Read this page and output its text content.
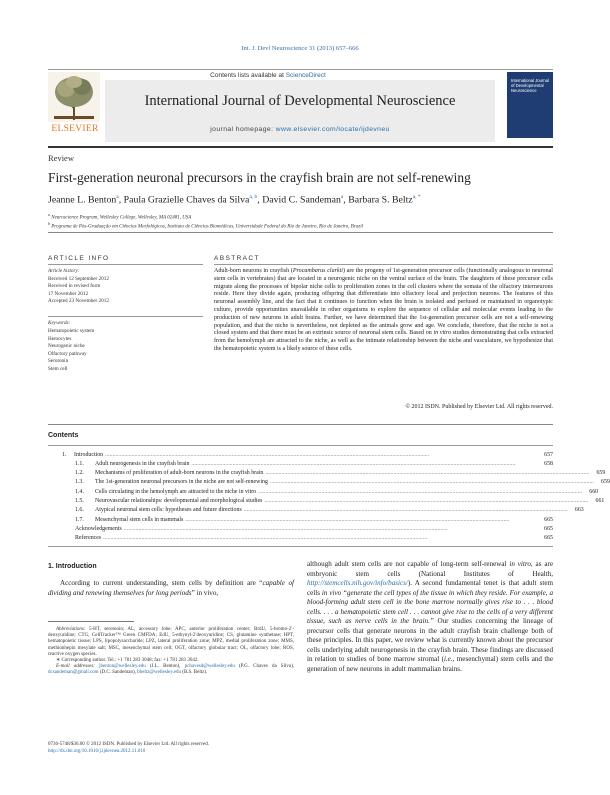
Int. J. Devl Neuroscience 31 (2013) 657–666
Contents lists available at ScienceDirect
International Journal of Developmental Neuroscience
journal homepage: www.elsevier.com/locate/ijdevneu
ELSEVIER
International Journal of Developmental Neuroscience
Review
First-generation neuronal precursors in the crayfish brain are not self-renewing
Jeanne L. Benton$^a$, Paula Grazielle Chaves da Silva$^{a, b}$, David C. Sandeman$^a$, Barbara S. Beltz$^{a, *}$
$^a$ Neuroscience Program, Wellesley College, Wellesley, MA 02481, USA
$^b$ Programa de Pós-Graduação em Ciências Morfológicas, Instituto de Ciências Biomédicas, Universidade Federal do Rio de Janeiro, Rio de Janeiro, Brazil
ARTICLE INFO
Article history:
Received 12 September 2012
Received in revised form
17 November 2012
Accepted 23 November 2012
Keywords:
Hematopoietic system
Hemocytes
Neurogenic niche
Olfactory pathway
Serotonin
Stem cell
ABSTRACT
Adult-born neurons in crayfish (Procambarus clarkii) are the progeny of 1st-generation precursor cells (functionally analogous to neuronal stem cells in vertebrates) that are located in a neurogenic niche on the ventral surface of the brain. The daughters of these precursor cells migrate along the processes of bipolar niche cells to proliferation zones in the cell clusters where the somata of the olfactory interneurons reside. Here they divide again, producing offspring that differentiate into olfactory local and projection neurons. The features of this neuronal assembly line, and the fact that it continues to function when the brain is isolated and perfused or maintained in organotypic culture, provide opportunities unavailable in other organisms to explore the sequence of cellular and molecular events leading to the production of new neurons in adult brains. Further, we have determined that the 1st-generation precursor cells are not a self-renewing population, and that the niche is nevertheless, not depleted as the animals grow and age. We conclude, therefore, that the niche is not a closed system and that there must be an extrinsic source of neuronal stem cells. Based on in vitro studies demonstrating that cells extracted from the hemolymph are attracted to the niche, as well as the intimate relationship between the niche and vasculature, we hypothesize that the hematopoietic system is a likely source of these cells.
© 2012 ISDN. Published by Elsevier Ltd. All rights reserved.
Contents
1.	Introduction ............................................................................................................................................................................................................................	657
1.1.	Adult neurogenesis in the crayfish brain ............................................................................................................................................................................................................................	658
1.2.	Mechanisms of proliferation of adult-born neurons in the crayfish brain ............................................................................................................................................................................................................................	659
1.3.	The 1st-generation neuronal precursors in the niche are not self-renewing ............................................................................................................................................................................................................................	659
1.4.	Cells circulating in the hemolymph are attracted to the niche in vitro ............................................................................................................................................................................................................................	660
1.5.	Neurovascular relationships: developmental and morphological studies ............................................................................................................................................................................................................................	661
1.6.	Atypical neuronal stem cells: hypotheses and future directions ............................................................................................................................................................................................................................	663
1.7.	Mesenchymal stem cells in mammals ............................................................................................................................................................................................................................	665
Acknowledgements ............................................................................................................................................................................................................................	665
References ............................................................................................................................................................................................................................	665
1. Introduction
According to current understanding, stem cells by definition are “capable of dividing and renewing themselves for long periods” in vivo,
although adult stem cells are not capable of long-term self-renewal in vitro, as are embryonic stem cells (National Institutes of Health, http://stemcells.nih.gov/info/basics/). A second fundamental tenet is that adult stem cells in vivo “generate the cell types of the tissue in which they reside. For example, a blood-forming adult stem cell in the bone marrow normally gives rise to . . . blood cells. . . . a hematopoietic stem cell . . . cannot give rise to the cells of a very different tissue, such as nerve cells in the brain.” Our studies concerning the lineage of precursor cells that generate neurons in the adult crayfish brain challenge both of these principles. In this paper, we review what is currently known about the precursor cells underlying adult neurogenesis in the crayfish brain. These findings are discussed in relation to studies of bone marrow stromal (i.e., mesenchymal) stem cells and the generation of new neurons in adult mammalian brains.
Abbreviations: 5-HT, serotonin; AL, accessory lobe; APC, anterior proliferation center; BrdU, 5-bromo-2′-deoxyuridine; CTG, CellTracker™ Green CMFDA; EdU, 5-ethynyl-2′deoxyuridine; CS, glutamine synthetase; HPT, hematopoietic tissue; LPS, lipopolysaccharide; LPZ, lateral proliferation zone; MPZ, medial proliferation zone; MMS, methionhepin mesylate salt; MSC, mesenchymal stem cell; OGT, olfactory globular tract; OL, olfactory lobe; ROS, reactive oxygen species.
∗ Corresponding author. Tel.: +1 781 283 3048; fax: +1 781 283 3642.
E-mail addresses: jbenton@wellesley.edu (J.L. Benton), pchavesd@wellesley.edu (P.G. Chaves da Silva), dcsandeman@gmail.com (D.C. Sandeman), bbeltz@wellesley.edu (B.S. Beltz).
0736-5748/$36.00 © 2012 ISDN. Published by Elsevier Ltd. All rights reserved.
http://dx.doi.org/10.1016/j.ijdevneu.2012.11.010
